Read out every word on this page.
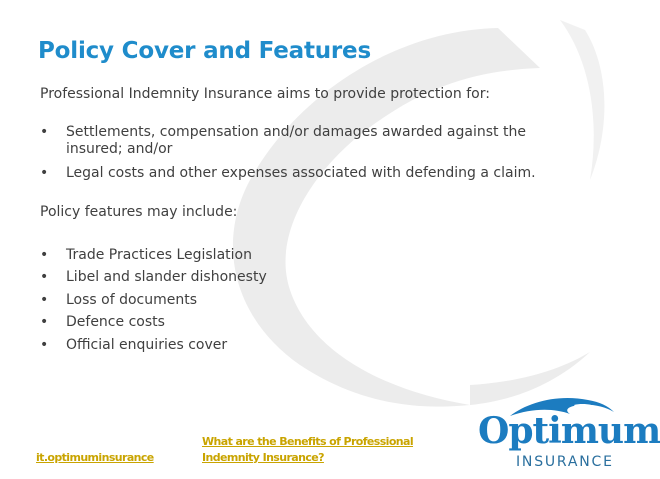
Policy Cover and Features
Professional Indemnity Insurance aims to provide protection for:
• Settlements, compensation and/or damages awarded against the insured; and/or
• Legal costs and other expenses associated with defending a claim.
Policy features may include:
• Trade Practices Legislation
• Libel and slander dishonesty
• Loss of documents
• Defence costs
• Official enquiries cover
it.optimuminsurance
What are the Benefits of Professional Indemnity Insurance?
Optimum
INSURANCE
